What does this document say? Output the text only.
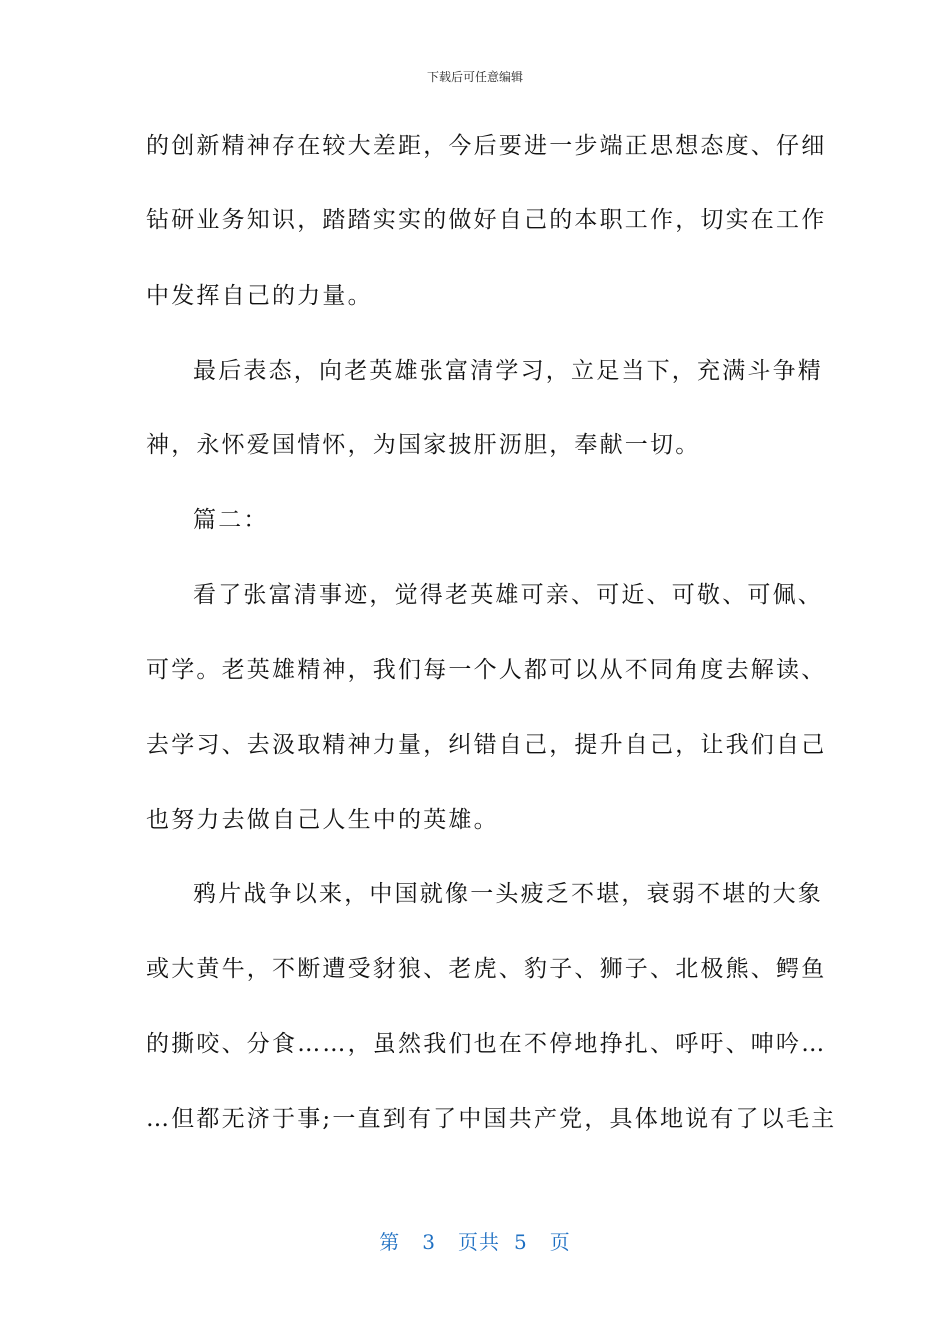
下载后可任意编辑
的创新精神存在较大差距，今后要进一步端正思想态度、仔细
钻研业务知识，踏踏实实的做好自己的本职工作，切实在工作
中发挥自己的力量。
最后表态，向老英雄张富清学习，立足当下，充满斗争精
神，永怀爱国情怀，为国家披肝沥胆，奉献一切。
篇二：
看了张富清事迹，觉得老英雄可亲、可近、可敬、可佩、
可学。老英雄精神，我们每一个人都可以从不同角度去解读、
去学习、去汲取精神力量，纠错自己，提升自己，让我们自己
也努力去做自己人生中的英雄。
鸦片战争以来，中国就像一头疲乏不堪，衰弱不堪的大象
或大黄牛，不断遭受豺狼、老虎、豹子、狮子、北极熊、鳄鱼
的撕咬、分食……，虽然我们也在不停地挣扎、呼吁、呻吟…
…但都无济于事;一直到有了中国共产党，具体地说有了以毛主
第 3 页共 5 页
